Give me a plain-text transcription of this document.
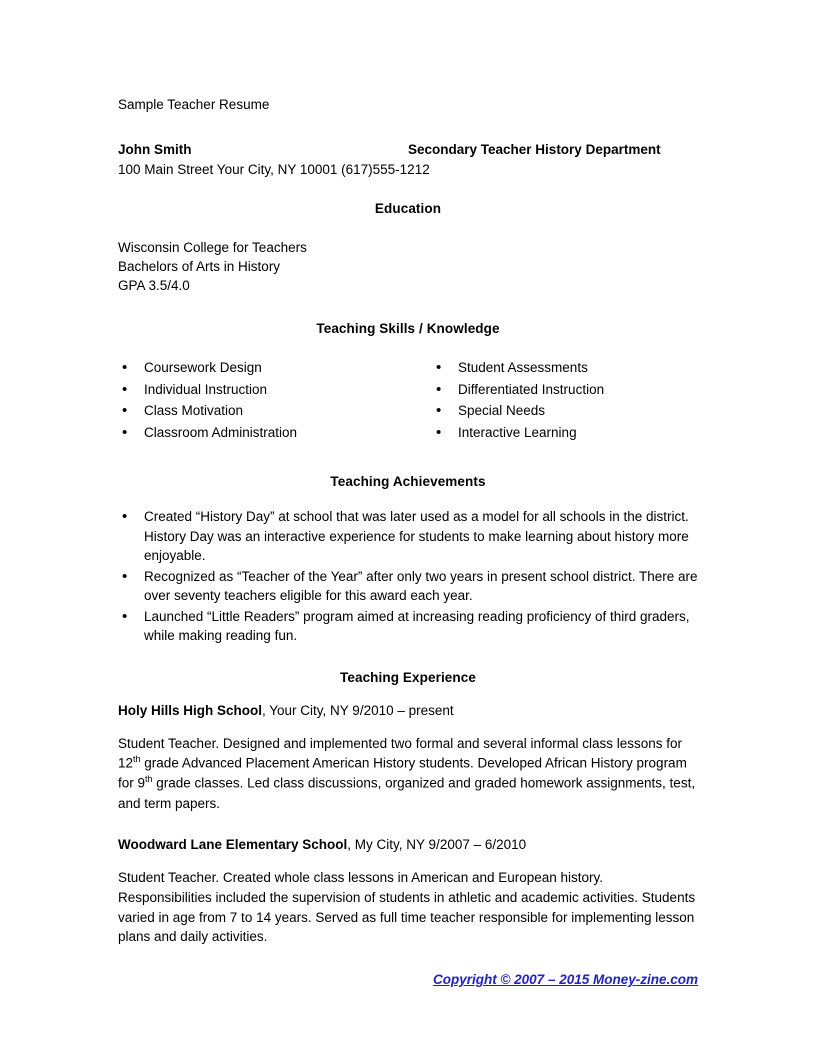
Sample Teacher Resume
John Smith	Secondary Teacher History Department
100 Main Street Your City, NY 10001 (617)555-1212
Education
Wisconsin College for Teachers
Bachelors of Arts in History
GPA 3.5/4.0
Teaching Skills / Knowledge
• Coursework Design
• Individual Instruction
• Class Motivation
• Classroom Administration
• Student Assessments
• Differentiated Instruction
• Special Needs
• Interactive Learning
Teaching Achievements
• Created “History Day” at school that was later used as a model for all schools in the district. History Day was an interactive experience for students to make learning about history more enjoyable.
• Recognized as “Teacher of the Year” after only two years in present school district. There are over seventy teachers eligible for this award each year.
• Launched “Little Readers” program aimed at increasing reading proficiency of third graders, while making reading fun.
Teaching Experience
Holy Hills High School, Your City, NY 9/2010 – present
Student Teacher. Designed and implemented two formal and several informal class lessons for 12th grade Advanced Placement American History students. Developed African History program for 9th grade classes. Led class discussions, organized and graded homework assignments, test, and term papers.
Woodward Lane Elementary School, My City, NY 9/2007 – 6/2010
Student Teacher. Created whole class lessons in American and European history. Responsibilities included the supervision of students in athletic and academic activities. Students varied in age from 7 to 14 years. Served as full time teacher responsible for implementing lesson plans and daily activities.
Copyright © 2007 – 2015 Money-zine.com
